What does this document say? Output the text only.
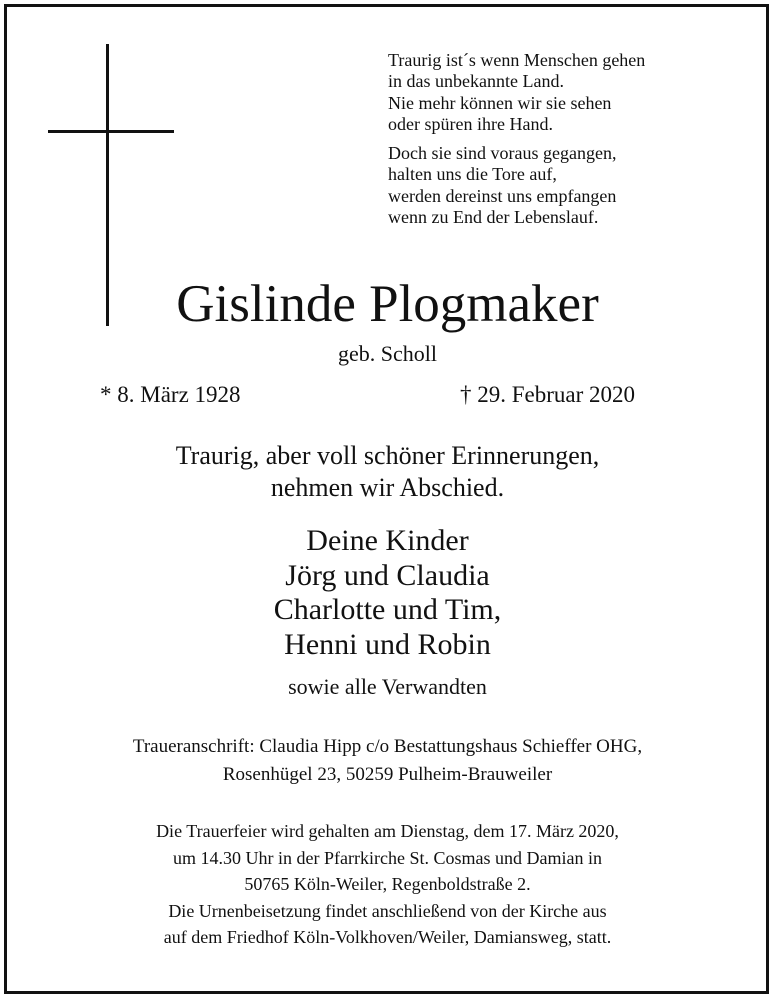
Traurig ist´s wenn Menschen gehen
in das unbekannte Land.
Nie mehr können wir sie sehen
oder spüren ihre Hand.
Doch sie sind voraus gegangen,
halten uns die Tore auf,
werden dereinst uns empfangen
wenn zu End der Lebenslauf.
Gislinde Plogmaker
geb. Scholl
* 8. März 1928	† 29. Februar 2020
Traurig, aber voll schöner Erinnerungen,
nehmen wir Abschied.
Deine Kinder
Jörg und Claudia
Charlotte und Tim,
Henni und Robin
sowie alle Verwandten
Traueranschrift: Claudia Hipp c/o Bestattungshaus Schieffer OHG,
Rosenhügel 23, 50259 Pulheim-Brauweiler
Die Trauerfeier wird gehalten am Dienstag, dem 17. März 2020,
um 14.30 Uhr in der Pfarrkirche St. Cosmas und Damian in
50765 Köln-Weiler, Regenboldstraße 2.
Die Urnenbeisetzung findet anschließend von der Kirche aus
auf dem Friedhof Köln-Volkhoven/Weiler, Damiansweg, statt.
